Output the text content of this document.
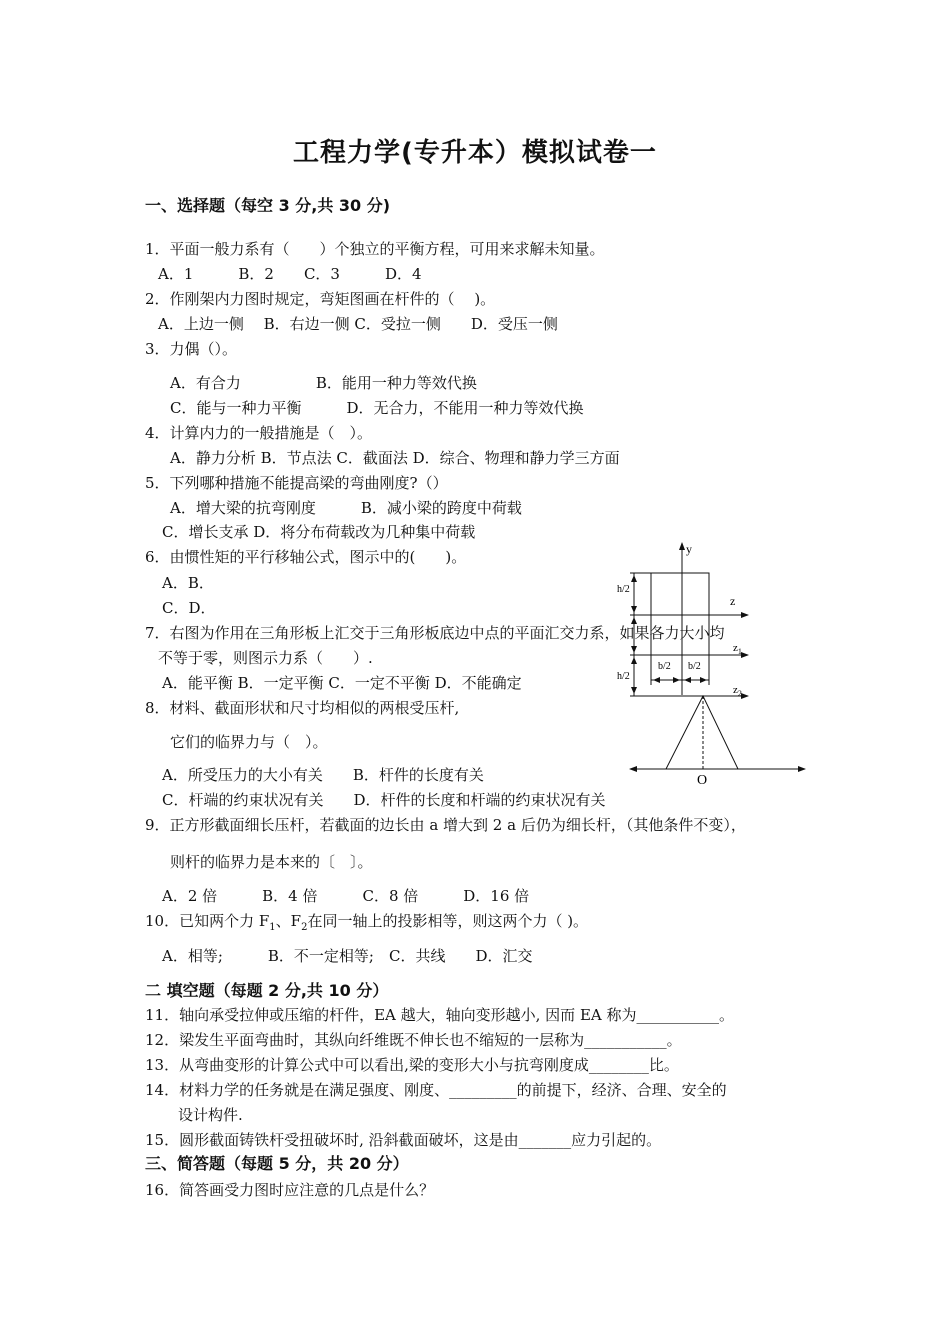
工程力学(专升本）模拟试卷一
一、选择题（每空 3 分,共 30 分)
1．平面一般力系有（　　）个独立的平衡方程，可用来求解未知量。
A．1　　　B．2　　C．3　　　D．4
2．作刚架内力图时规定，弯矩图画在杆件的（　 )。
A．上边一侧　 B．右边一侧 C．受拉一侧　　D．受压一侧
3．力偶（）。
A．有合力　　　　　B．能用一种力等效代换
C．能与一种力平衡　　　D．无合力，不能用一种力等效代换
4．计算内力的一般措施是（　）。
A．静力分析 B．节点法 C．截面法 D．综合、物理和静力学三方面
5．下列哪种措施不能提高梁的弯曲刚度?（）
A．增大梁的抗弯刚度　　　B．减小梁的跨度中荷载
C．增长支承 D．将分布荷载改为几种集中荷载
6．由惯性矩的平行移轴公式，图示中的(　　)。
A．B．
C．D．
7．右图为作用在三角形板上汇交于三角形板底边中点的平面汇交力系，如果各力大小均
不等于零，则图示力系（　　）.
A．能平衡 B．一定平衡 C．一定不平衡 D．不能确定
8．材料、截面形状和尺寸均相似的两根受压杆,
它们的临界力与（　）。
A．所受压力的大小有关　　B．杆件的长度有关
C．杆端的约束状况有关　　D．杆件的长度和杆端的约束状况有关
9．正方形截面细长压杆，若截面的边长由 a 增大到 2 a 后仍为细长杆，（其他条件不变），
则杆的临界力是本来的〔　〕。
A．2 倍　　　B．4 倍　　　C．8 倍　　　D．16 倍
10．已知两个力 $F_1$、$F_2$在同一轴上的投影相等，则这两个力（ )。
A．相等;　　　B．不一定相等;　C．共线　　D．汇交
二 填空题（每题 2 分,共 10 分）
11．轴向承受拉伸或压缩的杆件，EA 越大，轴向变形越小, 因而 EA 称为___________。
12．梁发生平面弯曲时，其纵向纤维既不伸长也不缩短的一层称为___________。
13．从弯曲变形的计算公式中可以看出,梁的变形大小与抗弯刚度成________比。
14．材料力学的任务就是在满足强度、刚度、_________的前提下，经济、合理、安全的
设计构件.
15．圆形截面铸铁杆受扭破坏时, 沿斜截面破坏，这是由_______应力引起的。
三、简答题（每题 5 分，共 20 分）
16．简答画受力图时应注意的几点是什么？
y
z
$z_1$
$z_2$
h/2
h/2
b/2 b/2
O
